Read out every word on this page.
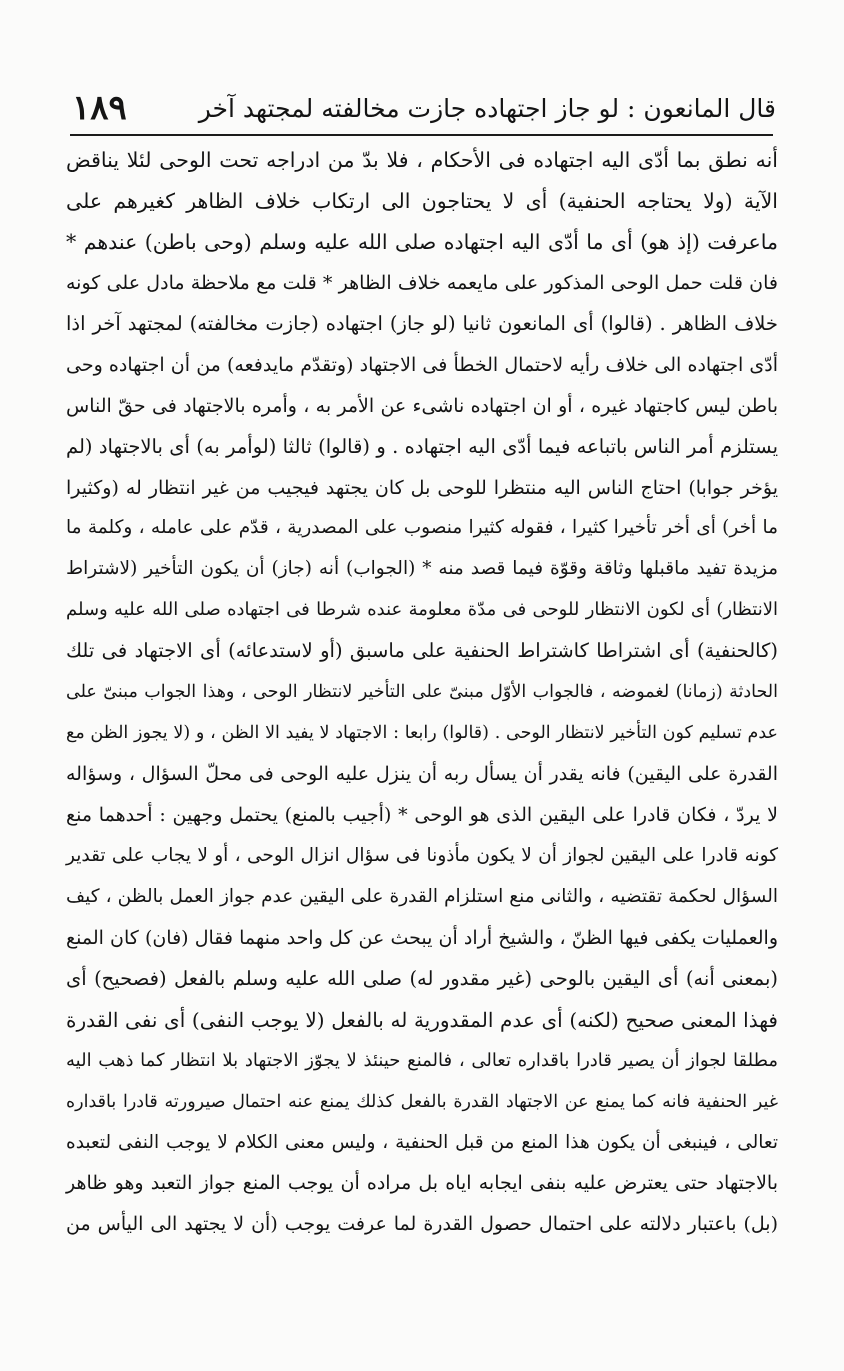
قال المانعون : لو جاز اجتهاده جازت مخالفته لمجتهد آخر
١٨٩
أنه نطق بما أدّى اليه اجتهاده فى الأحكام ، فلا بدّ من ادراجه تحت الوحى لئلا يناقض
الآية (ولا يحتاجه الحنفية) أى لا يحتاجون الى ارتكاب خلاف الظاهر كغيرهم على
ماعرفت (إذ هو) أى ما أدّى اليه اجتهاده صلى الله عليه وسلم (وحى باطن) عندهم *
فان قلت حمل الوحى المذكور على مايعمه خلاف الظاهر * قلت مع ملاحظة مادل على كونه
خلاف الظاهر . (قالوا) أى المانعون ثانيا (لو جاز) اجتهاده (جازت مخالفته) لمجتهد آخر اذا
أدّى اجتهاده الى خلاف رأيه لاحتمال الخطأ فى الاجتهاد (وتقدّم مايدفعه) من أن اجتهاده وحى
باطن ليس كاجتهاد غيره ، أو ان اجتهاده ناشىء عن الأمر به ، وأمره بالاجتهاد فى حقّ الناس
يستلزم أمر الناس باتباعه فيما أدّى اليه اجتهاده . و (قالوا) ثالثا (لوأمر به) أى بالاجتهاد (لم
يؤخر جوابا) احتاج الناس اليه منتظرا للوحى بل كان يجتهد فيجيب من غير انتظار له (وكثيرا
ما أخر) أى أخر تأخيرا كثيرا ، فقوله كثيرا منصوب على المصدرية ، قدّم على عامله ، وكلمة ما
مزيدة تفيد ماقبلها وثاقة وقوّة فيما قصد منه * (الجواب) أنه (جاز) أن يكون التأخير (لاشتراط
الانتظار) أى لكون الانتظار للوحى فى مدّة معلومة عنده شرطا فى اجتهاده صلى الله عليه وسلم
(كالحنفية) أى اشتراطا كاشتراط الحنفية على ماسبق (أو لاستدعائه) أى الاجتهاد فى تلك
الحادثة (زمانا) لغموضه ، فالجواب الأوّل مبنىّ على التأخير لانتظار الوحى ، وهذا الجواب مبنىّ على
عدم تسليم كون التأخير لانتظار الوحى . (قالوا) رابعا : الاجتهاد لا يفيد الا الظن ، و (لا يجوز الظن مع
القدرة على اليقين) فانه يقدر أن يسأل ربه أن ينزل عليه الوحى فى محلّ السؤال ، وسؤاله
لا يردّ ، فكان قادرا على اليقين الذى هو الوحى * (أجيب بالمنع) يحتمل وجهين : أحدهما منع
كونه قادرا على اليقين لجواز أن لا يكون مأذونا فى سؤال انزال الوحى ، أو لا يجاب على تقدير
السؤال لحكمة تقتضيه ، والثانى منع استلزام القدرة على اليقين عدم جواز العمل بالظن ، كيف
والعمليات يكفى فيها الظنّ ، والشيخ أراد أن يبحث عن كل واحد منهما فقال (فان) كان المنع
(بمعنى أنه) أى اليقين بالوحى (غير مقدور له) صلى الله عليه وسلم بالفعل (فصحيح) أى
فهذا المعنى صحيح (لكنه) أى عدم المقدورية له بالفعل (لا يوجب النفى) أى نفى القدرة
مطلقا لجواز أن يصير قادرا باقداره تعالى ، فالمنع حينئذ لا يجوّز الاجتهاد بلا انتظار كما ذهب اليه
غير الحنفية فانه كما يمنع عن الاجتهاد القدرة بالفعل كذلك يمنع عنه احتمال صيرورته قادرا باقداره
تعالى ، فينبغى أن يكون هذا المنع من قبل الحنفية ، وليس معنى الكلام لا يوجب النفى لتعبده
بالاجتهاد حتى يعترض عليه بنفى ايجابه اياه بل مراده أن يوجب المنع جواز التعبد وهو ظاهر
(بل) باعتبار دلالته على احتمال حصول القدرة لما عرفت يوجب (أن لا يجتهد الى اليأس من
